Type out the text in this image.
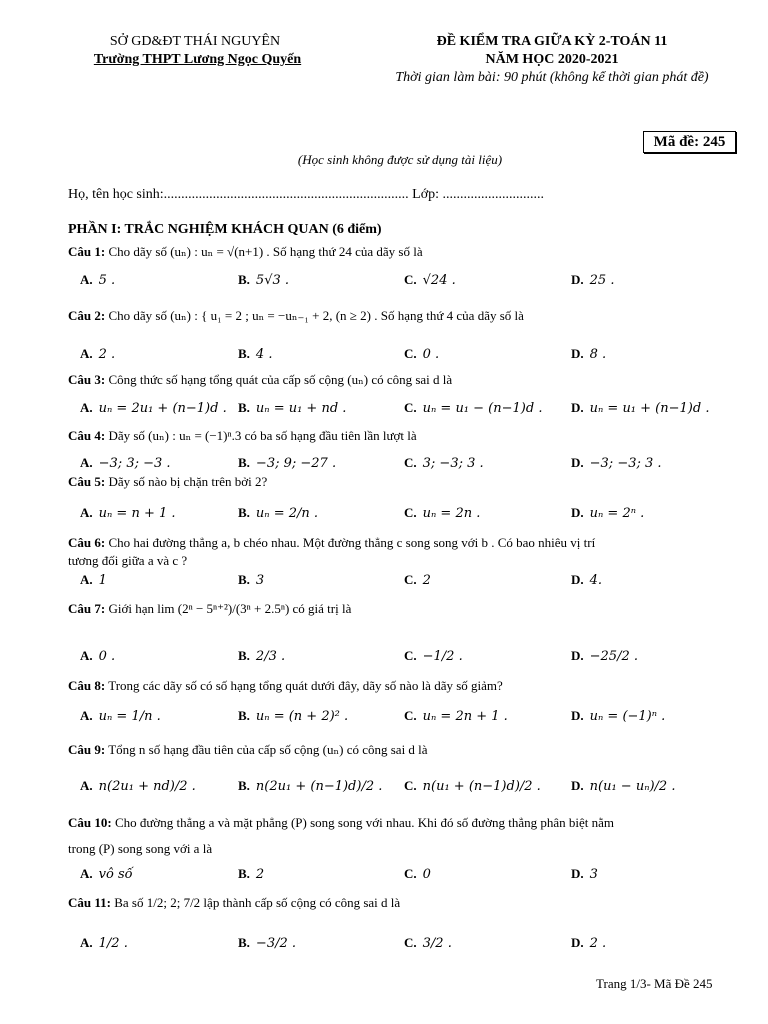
SỞ GD&ĐT THÁI NGUYÊN
Trường THPT Lương Ngọc Quyến
ĐỀ KIỂM TRA GIỮA KỲ 2-TOÁN 11
NĂM HỌC 2020-2021
Thời gian làm bài: 90 phút (không kể thời gian phát đề)
Mã đề: 245
(Học sinh không được sử dụng tài liệu)
Họ, tên học sinh:...................................................................... Lớp: .............................
PHẦN I: TRẮC NGHIỆM KHÁCH QUAN (6 điểm)
Câu 1: Cho dãy số (uₙ) : uₙ = √(n+1) . Số hạng thứ 24 của dãy số là
A. 5 .	B. 5√3 .	C. √24 .	D. 25 .
Câu 2: Cho dãy số (uₙ) : { u₁ = 2 ; uₙ = −uₙ₋₁ + 2, (n ≥ 2) . Số hạng thứ 4 của dãy số là
A. 2 .	B. 4 .	C. 0 .	D. 8 .
Câu 3: Công thức số hạng tổng quát của cấp số cộng (uₙ) có công sai d là
A. uₙ = 2u₁ + (n−1)d . B. uₙ = u₁ + nd .	C. uₙ = u₁ − (n−1)d . D. uₙ = u₁ + (n−1)d .
Câu 4: Dãy số (uₙ) : uₙ = (−1)ⁿ.3 có ba số hạng đầu tiên lần lượt là
A. −3; 3; −3 .	B. −3; 9; −27 .	C. 3; −3; 3 .	D. −3; −3; 3 .
Câu 5: Dãy số nào bị chặn trên bởi 2?
A. uₙ = n + 1 .	B. uₙ = 2/n .	C. uₙ = 2n .	D. uₙ = 2ⁿ .
Câu 6: Cho hai đường thẳng a, b chéo nhau. Một đường thẳng c song song với b . Có bao nhiêu vị trí
tương đối giữa a và c ?
A. 1	B. 3	C. 2	D. 4.
Câu 7: Giới hạn lim (2ⁿ − 5ⁿ⁺²)/(3ⁿ + 2.5ⁿ) có giá trị là
A. 0 .	B. 2/3 .	C. −1/2 .	D. −25/2 .
Câu 8: Trong các dãy số có số hạng tổng quát dưới đây, dãy số nào là dãy số giảm?
A. uₙ = 1/n .	B. uₙ = (n + 2)² .	C. uₙ = 2n + 1 .	D. uₙ = (−1)ⁿ .
Câu 9: Tổng n số hạng đầu tiên của cấp số cộng (uₙ) có công sai d là
A. n(2u₁ + nd)/2 .	B. n(2u₁ + (n−1)d)/2 . C. n(u₁ + (n−1)d)/2 . D. n(u₁ − uₙ)/2 .
Câu 10: Cho đường thẳng a và mặt phẳng (P) song song với nhau. Khi đó số đường thẳng phân biệt nằm
trong (P) song song với a là
A. vô số	B. 2	C. 0	D. 3
Câu 11: Ba số 1/2; 2; 7/2 lập thành cấp số cộng có công sai d là
A. 1/2 .	B. −3/2 .	C. 3/2 .	D. 2 .
Trang 1/3- Mã Đề 245
